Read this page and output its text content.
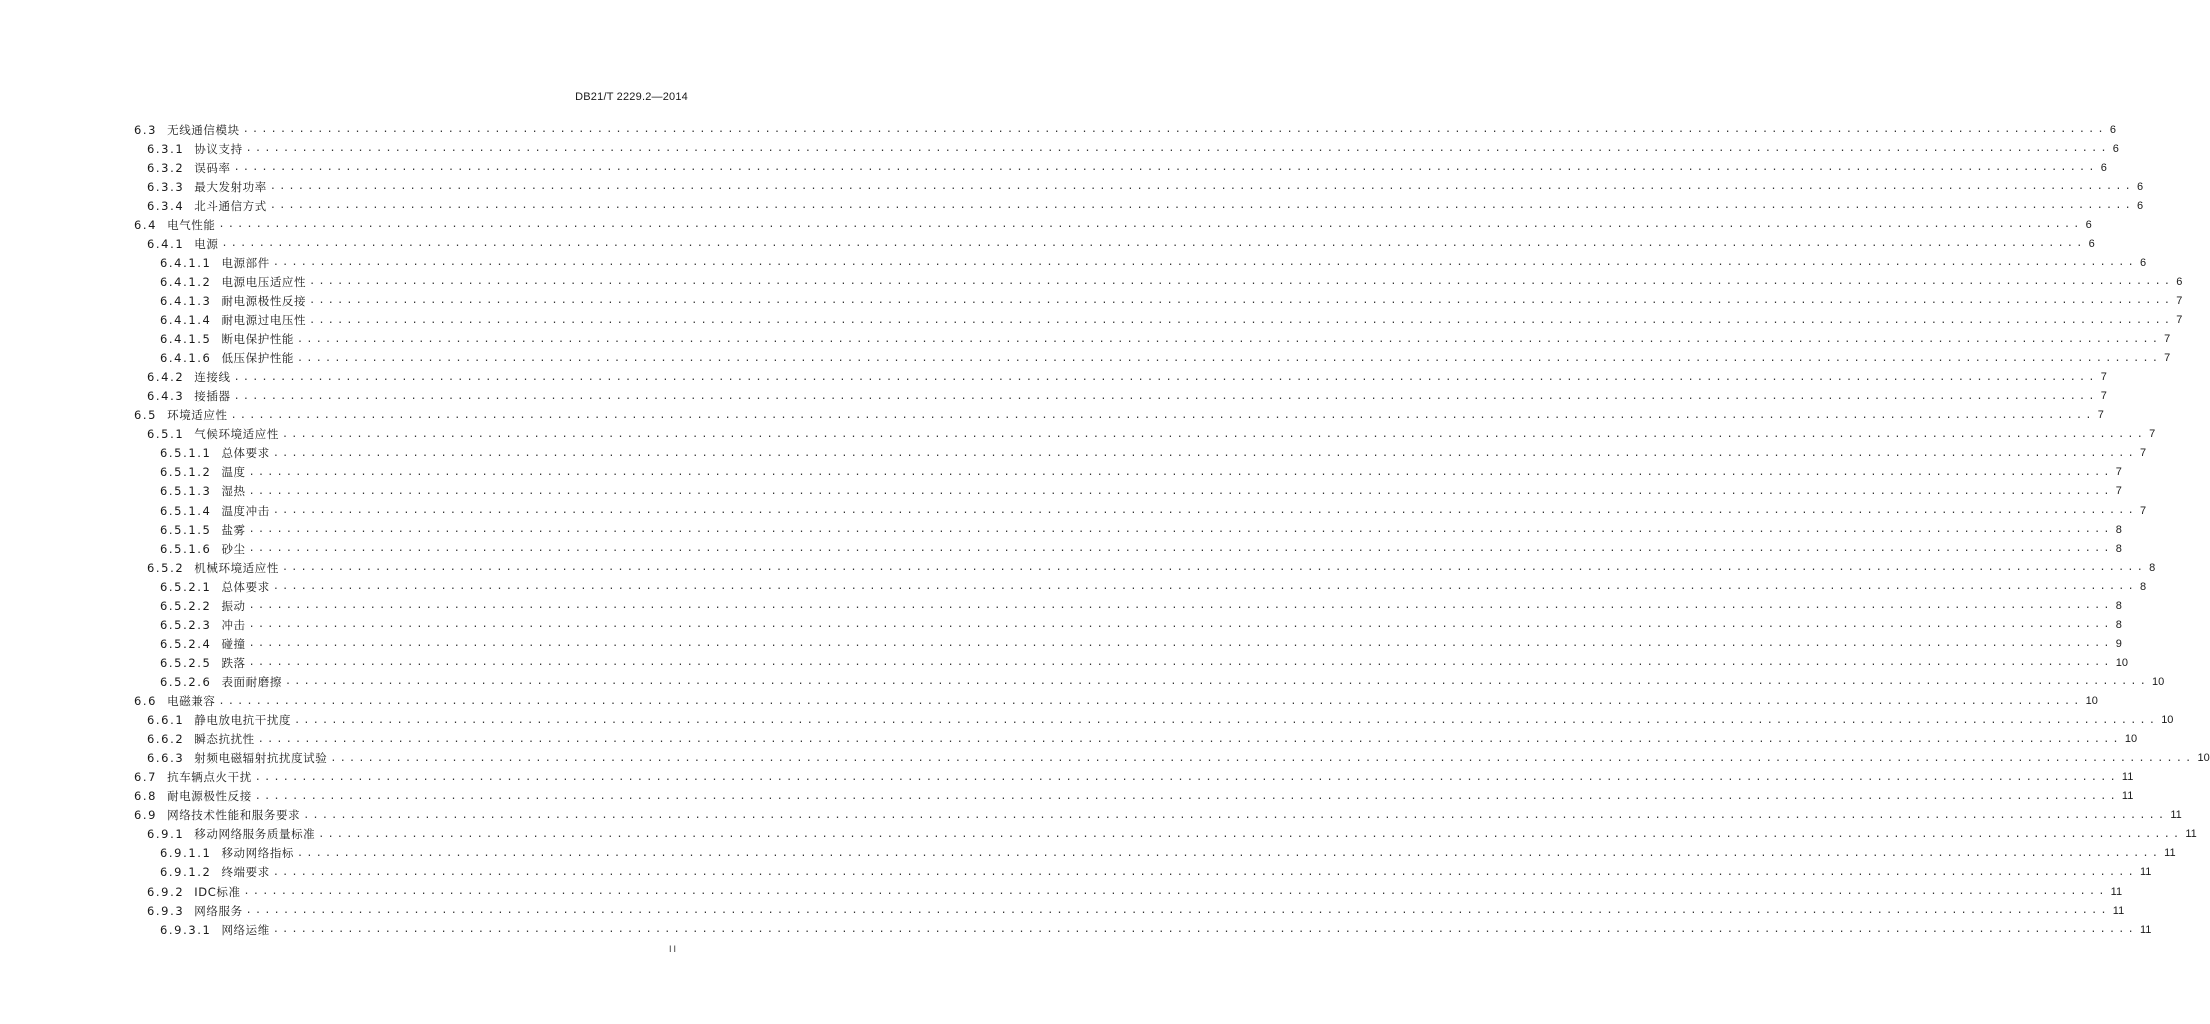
DB21/T 2229.2—2014
6.3 无线通信模块 ........................................................................................................................................................................................................ 6
6.3.1 协议支持 ........................................................................................................................................................................................................ 6
6.3.2 误码率 ........................................................................................................................................................................................................ 6
6.3.3 最大发射功率 ........................................................................................................................................................................................................ 6
6.3.4 北斗通信方式 ........................................................................................................................................................................................................ 6
6.4 电气性能 ........................................................................................................................................................................................................ 6
6.4.1 电源 ........................................................................................................................................................................................................ 6
6.4.1.1 电源部件 ........................................................................................................................................................................................................ 6
6.4.1.2 电源电压适应性 ........................................................................................................................................................................................................ 6
6.4.1.3 耐电源极性反接 ........................................................................................................................................................................................................ 7
6.4.1.4 耐电源过电压性 ........................................................................................................................................................................................................ 7
6.4.1.5 断电保护性能 ........................................................................................................................................................................................................ 7
6.4.1.6 低压保护性能 ........................................................................................................................................................................................................ 7
6.4.2 连接线 ........................................................................................................................................................................................................ 7
6.4.3 接插器 ........................................................................................................................................................................................................ 7
6.5 环境适应性 ........................................................................................................................................................................................................ 7
6.5.1 气候环境适应性 ........................................................................................................................................................................................................ 7
6.5.1.1 总体要求 ........................................................................................................................................................................................................ 7
6.5.1.2 温度 ........................................................................................................................................................................................................ 7
6.5.1.3 湿热 ........................................................................................................................................................................................................ 7
6.5.1.4 温度冲击 ........................................................................................................................................................................................................ 7
6.5.1.5 盐雾 ........................................................................................................................................................................................................ 8
6.5.1.6 砂尘 ........................................................................................................................................................................................................ 8
6.5.2 机械环境适应性 ........................................................................................................................................................................................................ 8
6.5.2.1 总体要求 ........................................................................................................................................................................................................ 8
6.5.2.2 振动 ........................................................................................................................................................................................................ 8
6.5.2.3 冲击 ........................................................................................................................................................................................................ 8
6.5.2.4 碰撞 ........................................................................................................................................................................................................ 9
6.5.2.5 跌落 ........................................................................................................................................................................................................ 10
6.5.2.6 表面耐磨擦 ........................................................................................................................................................................................................ 10
6.6 电磁兼容 ........................................................................................................................................................................................................ 10
6.6.1 静电放电抗干扰度 ........................................................................................................................................................................................................ 10
6.6.2 瞬态抗扰性 ........................................................................................................................................................................................................ 10
6.6.3 射频电磁辐射抗扰度试验 ........................................................................................................................................................................................................ 10
6.7 抗车辆点火干扰 ........................................................................................................................................................................................................ 11
6.8 耐电源极性反接 ........................................................................................................................................................................................................ 11
6.9 网络技术性能和服务要求 ........................................................................................................................................................................................................ 11
6.9.1 移动网络服务质量标准 ........................................................................................................................................................................................................ 11
6.9.1.1 移动网络指标 ........................................................................................................................................................................................................ 11
6.9.1.2 终端要求 ........................................................................................................................................................................................................ 11
6.9.2 IDC标准 ........................................................................................................................................................................................................ 11
6.9.3 网络服务 ........................................................................................................................................................................................................ 11
6.9.3.1 网络运维 ........................................................................................................................................................................................................ 11
II
